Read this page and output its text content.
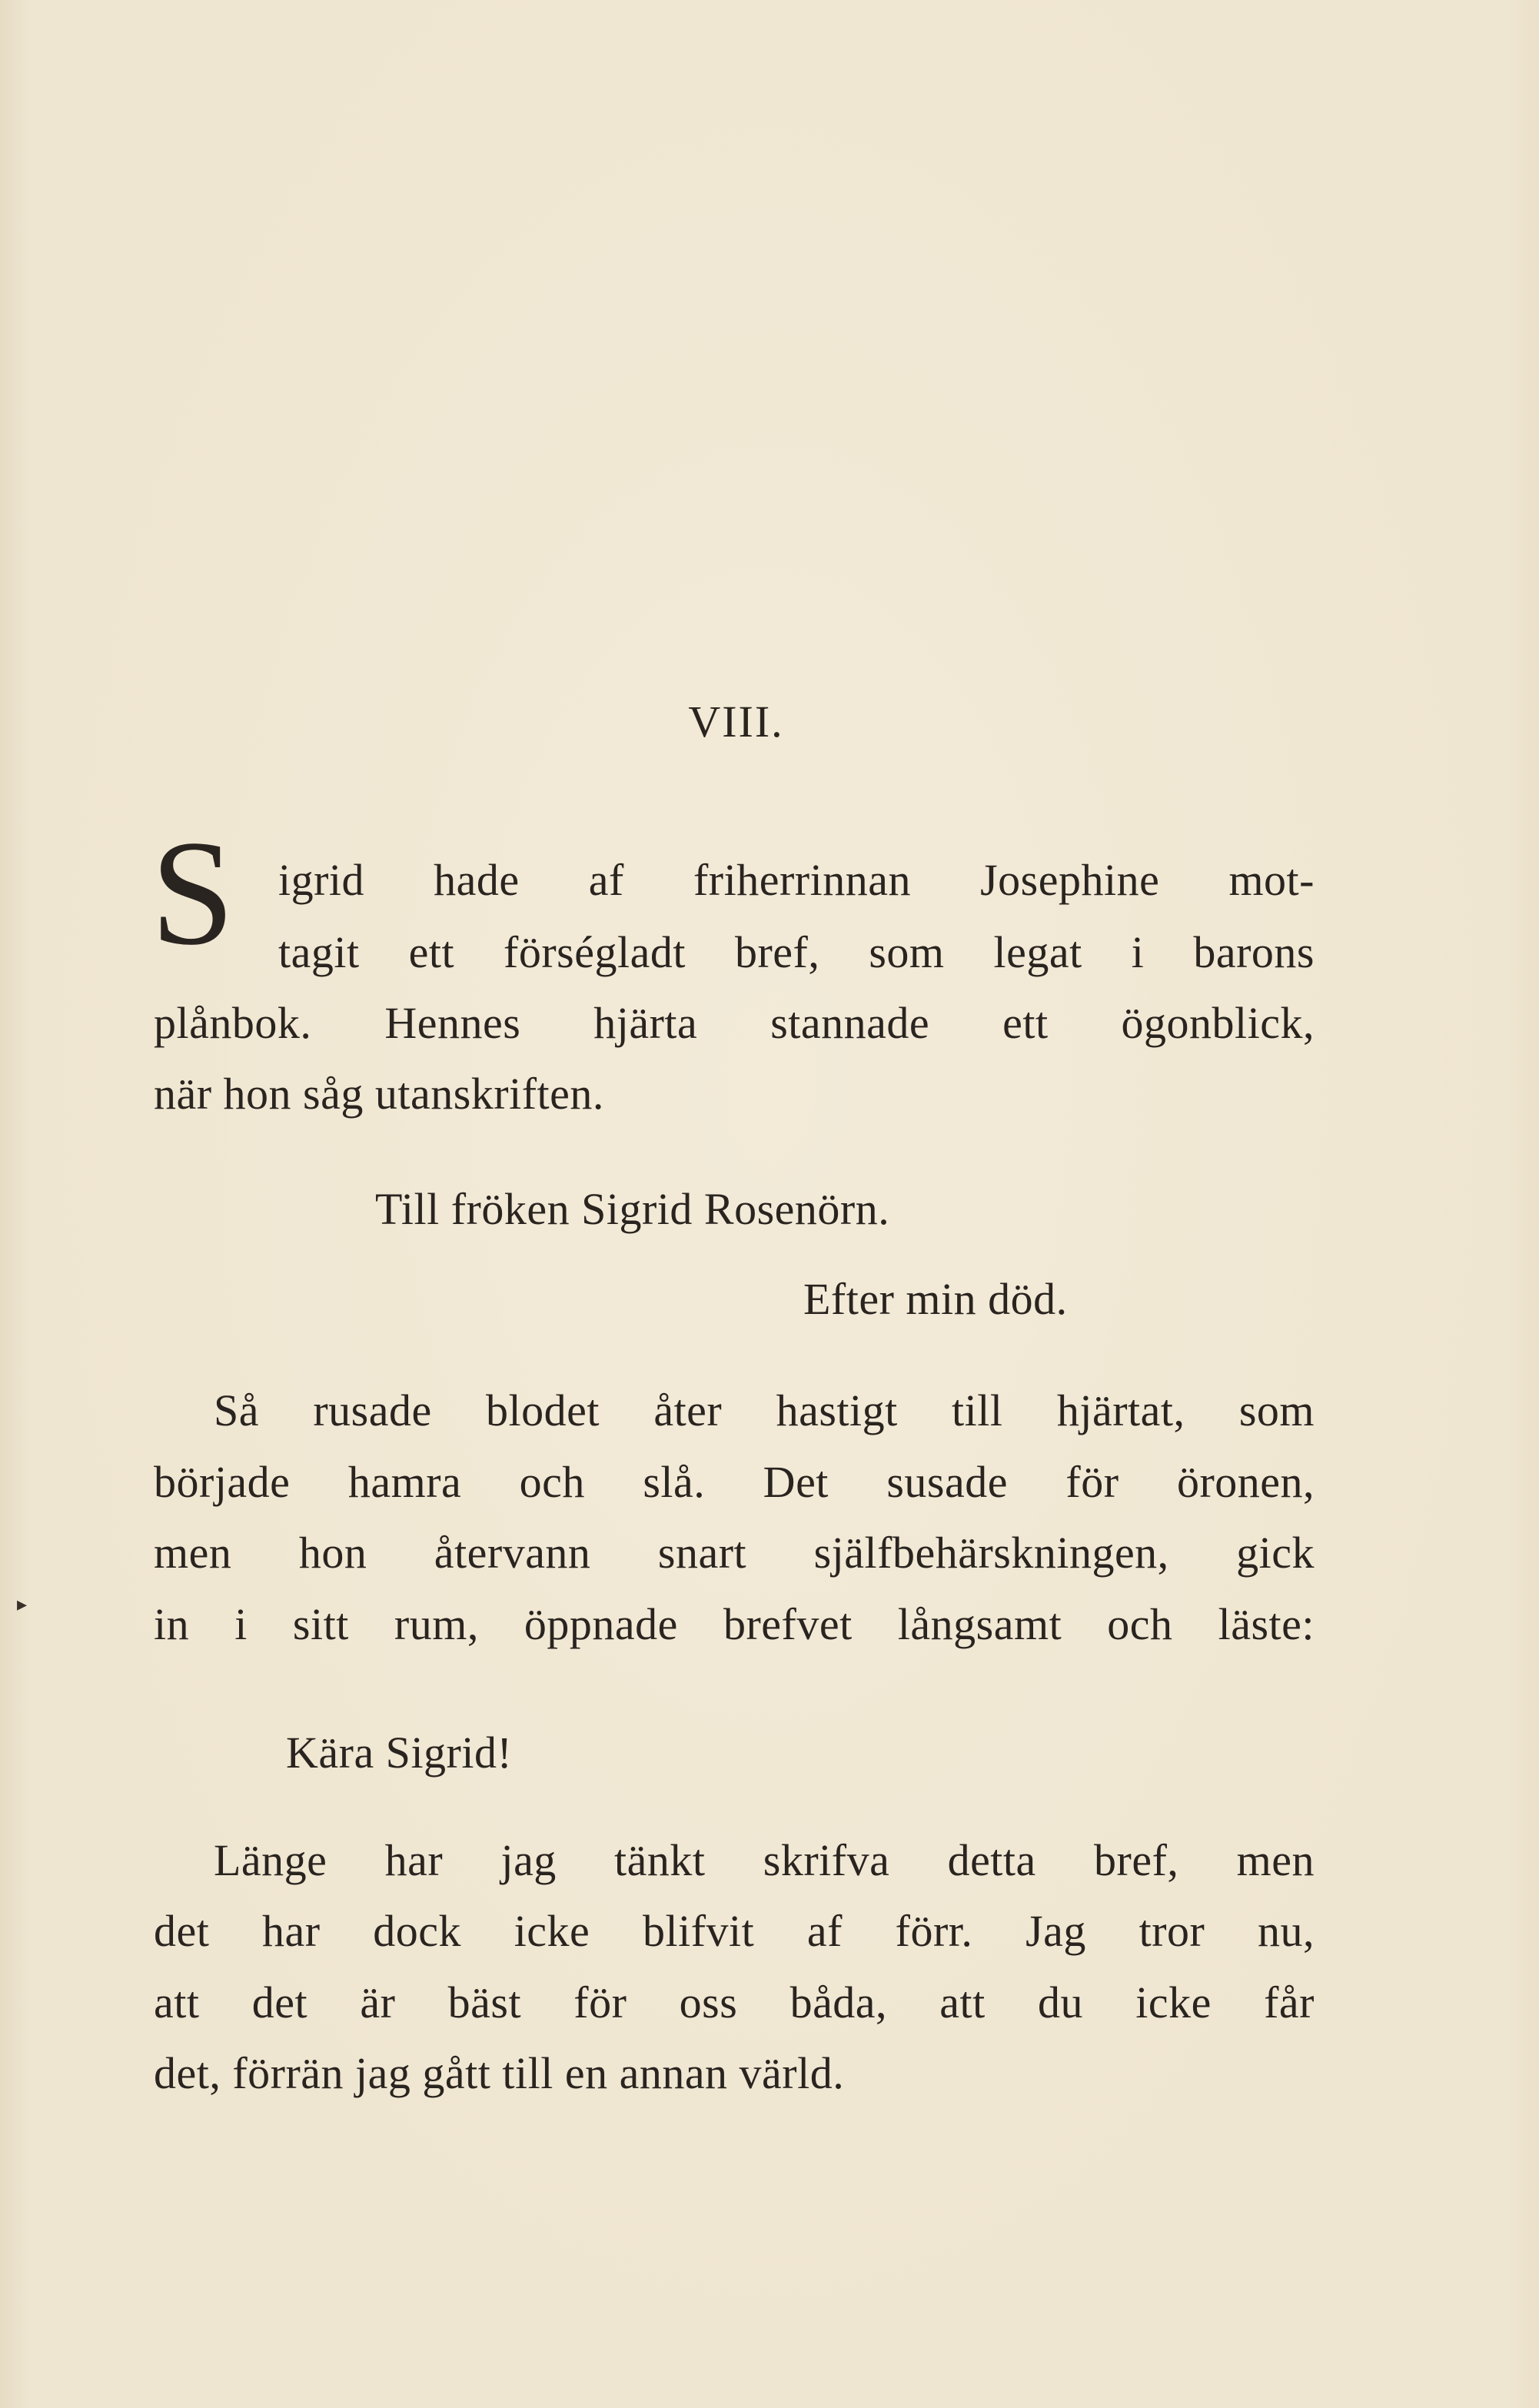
VIII.
S igrid hade af friherrinnan Josephine mot-
tagit ett förségladt bref, som legat i barons
plånbok. Hennes hjärta stannade ett ögonblick,
när hon såg utanskriften.
Till fröken Sigrid Rosenörn.
Efter min död.
Så rusade blodet åter hastigt till hjärtat, som
började hamra och slå. Det susade för öronen,
men hon återvann snart själfbehärskningen, gick
in i sitt rum, öppnade brefvet långsamt och läste:
Kära Sigrid!
Länge har jag tänkt skrifva detta bref, men
det har dock icke blifvit af förr. Jag tror nu,
att det är bäst för oss båda, att du icke får
det, förrän jag gått till en annan värld.
▸
